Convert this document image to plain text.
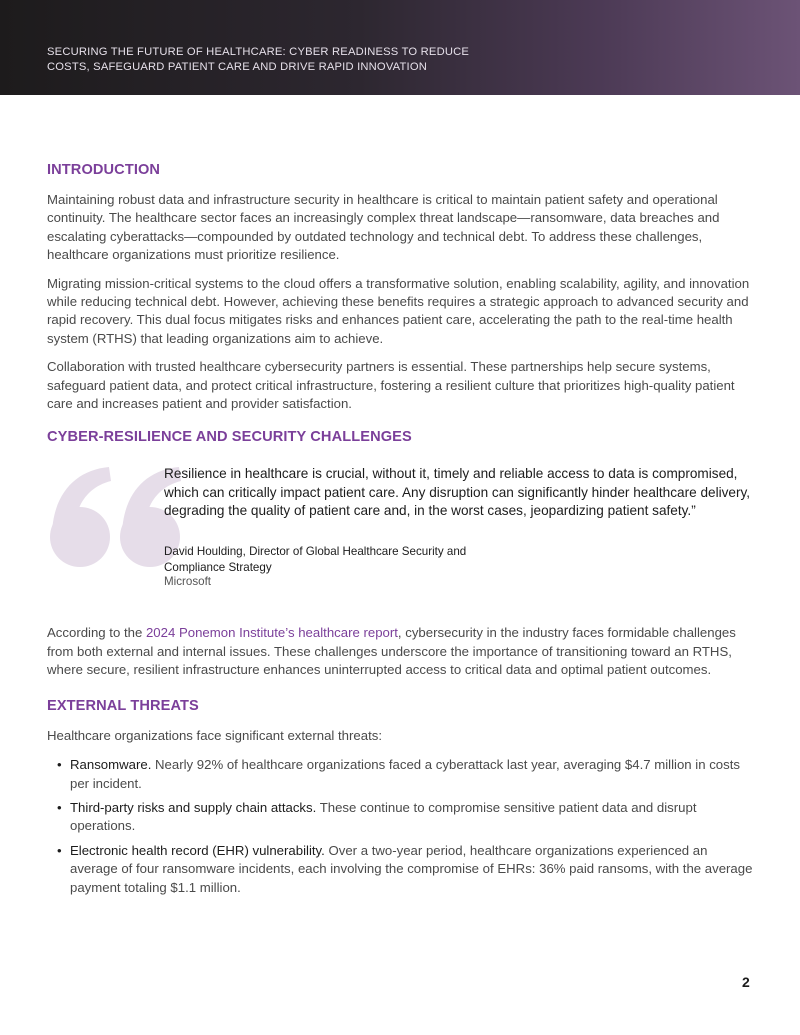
SECURING THE FUTURE OF HEALTHCARE: CYBER READINESS TO REDUCE
COSTS, SAFEGUARD PATIENT CARE AND DRIVE RAPID INNOVATION
INTRODUCTION

Maintaining robust data and infrastructure security in healthcare is critical to maintain patient safety and operational continuity. The healthcare sector faces an increasingly complex threat landscape—ransomware, data breaches and escalating cyberattacks—compounded by outdated technology and technical debt. To address these challenges, healthcare organizations must prioritize resilience.

Migrating mission-critical systems to the cloud offers a transformative solution, enabling scalability, agility, and innovation while reducing technical debt. However, achieving these benefits requires a strategic approach to advanced security and rapid recovery. This dual focus mitigates risks and enhances patient care, accelerating the path to the real-time health system (RTHS) that leading organizations aim to achieve.

Collaboration with trusted healthcare cybersecurity partners is essential. These partnerships help secure systems, safeguard patient data, and protect critical infrastructure, fostering a resilient culture that prioritizes high-quality patient care and increases patient and provider satisfaction.

CYBER-RESILIENCE AND SECURITY CHALLENGES
Resilience in healthcare is crucial, without it, timely and reliable access to data is compromised, which can critically impact patient care. Any disruption can significantly hinder healthcare delivery, degrading the quality of patient care and, in the worst cases, jeopardizing patient safety.”
David Houlding, Director of Global Healthcare Security and Compliance Strategy
Microsoft

According to the 2024 Ponemon Institute’s healthcare report, cybersecurity in the industry faces formidable challenges from both external and internal issues. These challenges underscore the importance of transitioning toward an RTHS, where secure, resilient infrastructure enhances uninterrupted access to critical data and optimal patient outcomes.

EXTERNAL THREATS

Healthcare organizations face significant external threats:

• Ransomware. Nearly 92% of healthcare organizations faced a cyberattack last year, averaging $4.7 million in costs per incident.
• Third-party risks and supply chain attacks. These continue to compromise sensitive patient data and disrupt operations.
• Electronic health record (EHR) vulnerability. Over a two-year period, healthcare organizations experienced an average of four ransomware incidents, each involving the compromise of EHRs: 36% paid ransoms, with the average payment totaling $1.1 million.
2
